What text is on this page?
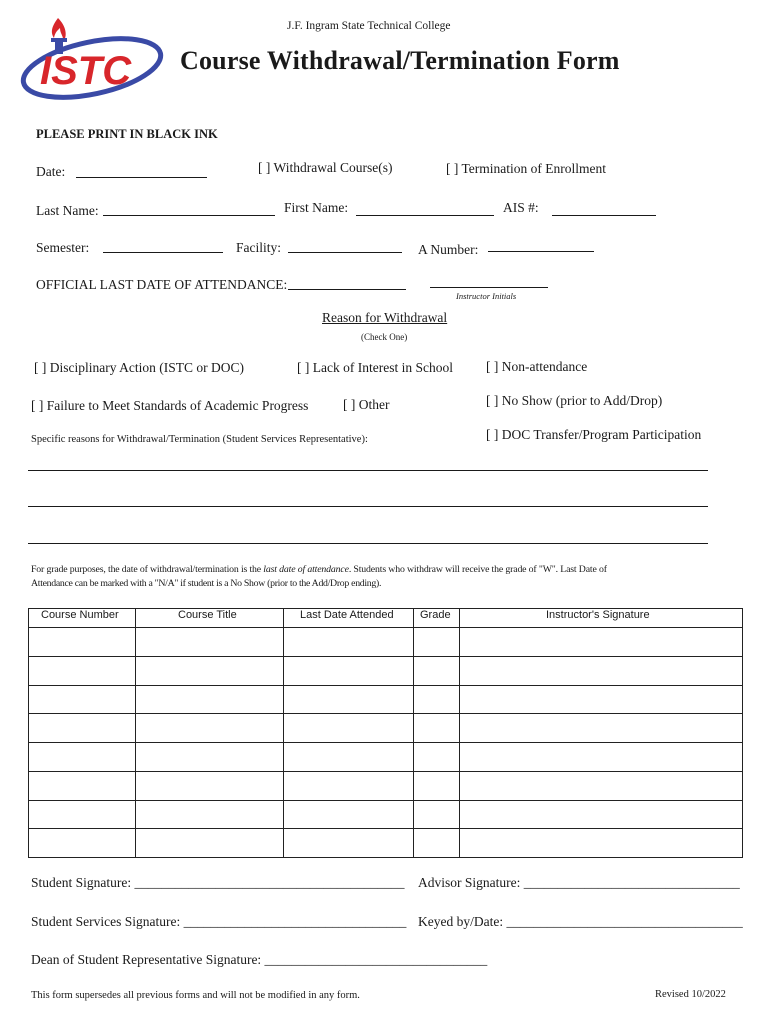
ISTC
J.F. Ingram State Technical College
Course Withdrawal/Termination Form
PLEASE PRINT IN BLACK INK
Date:	[ ] Withdrawal Course(s)	[ ] Termination of Enrollment
Last Name:	First Name:	AIS #:
Semester:	Facility:	A Number:
OFFICIAL LAST DATE OF ATTENDANCE:
Instructor Initials
Reason for Withdrawal
(Check One)
[ ] Disciplinary Action (ISTC or DOC)	[ ] Lack of Interest in School [ ] Non-attendance
[ ] Failure to Meet Standards of Academic Progress	[ ] Other	[ ] No Show (prior to Add/Drop)
Specific reasons for Withdrawal/Termination (Student Services Representative):	[ ] DOC Transfer/Program Participation
For grade purposes, the date of withdrawal/termination is the last date of attendance. Students who withdraw will receive the grade of "W". Last Date of
Attendance can be marked with a "N/A" if student is a No Show (prior to the Add/Drop ending).
Course Number	Course Title	Last Date Attended	Grade	Instructor's Signature

Student Signature: ________________________________________ Advisor Signature: ________________________________
Student Services Signature: _________________________________ Keyed by/Date: ___________________________________
Dean of Student Representative Signature: _________________________________
This form supersedes all previous forms and will not be modified in any form.	Revised 10/2022
